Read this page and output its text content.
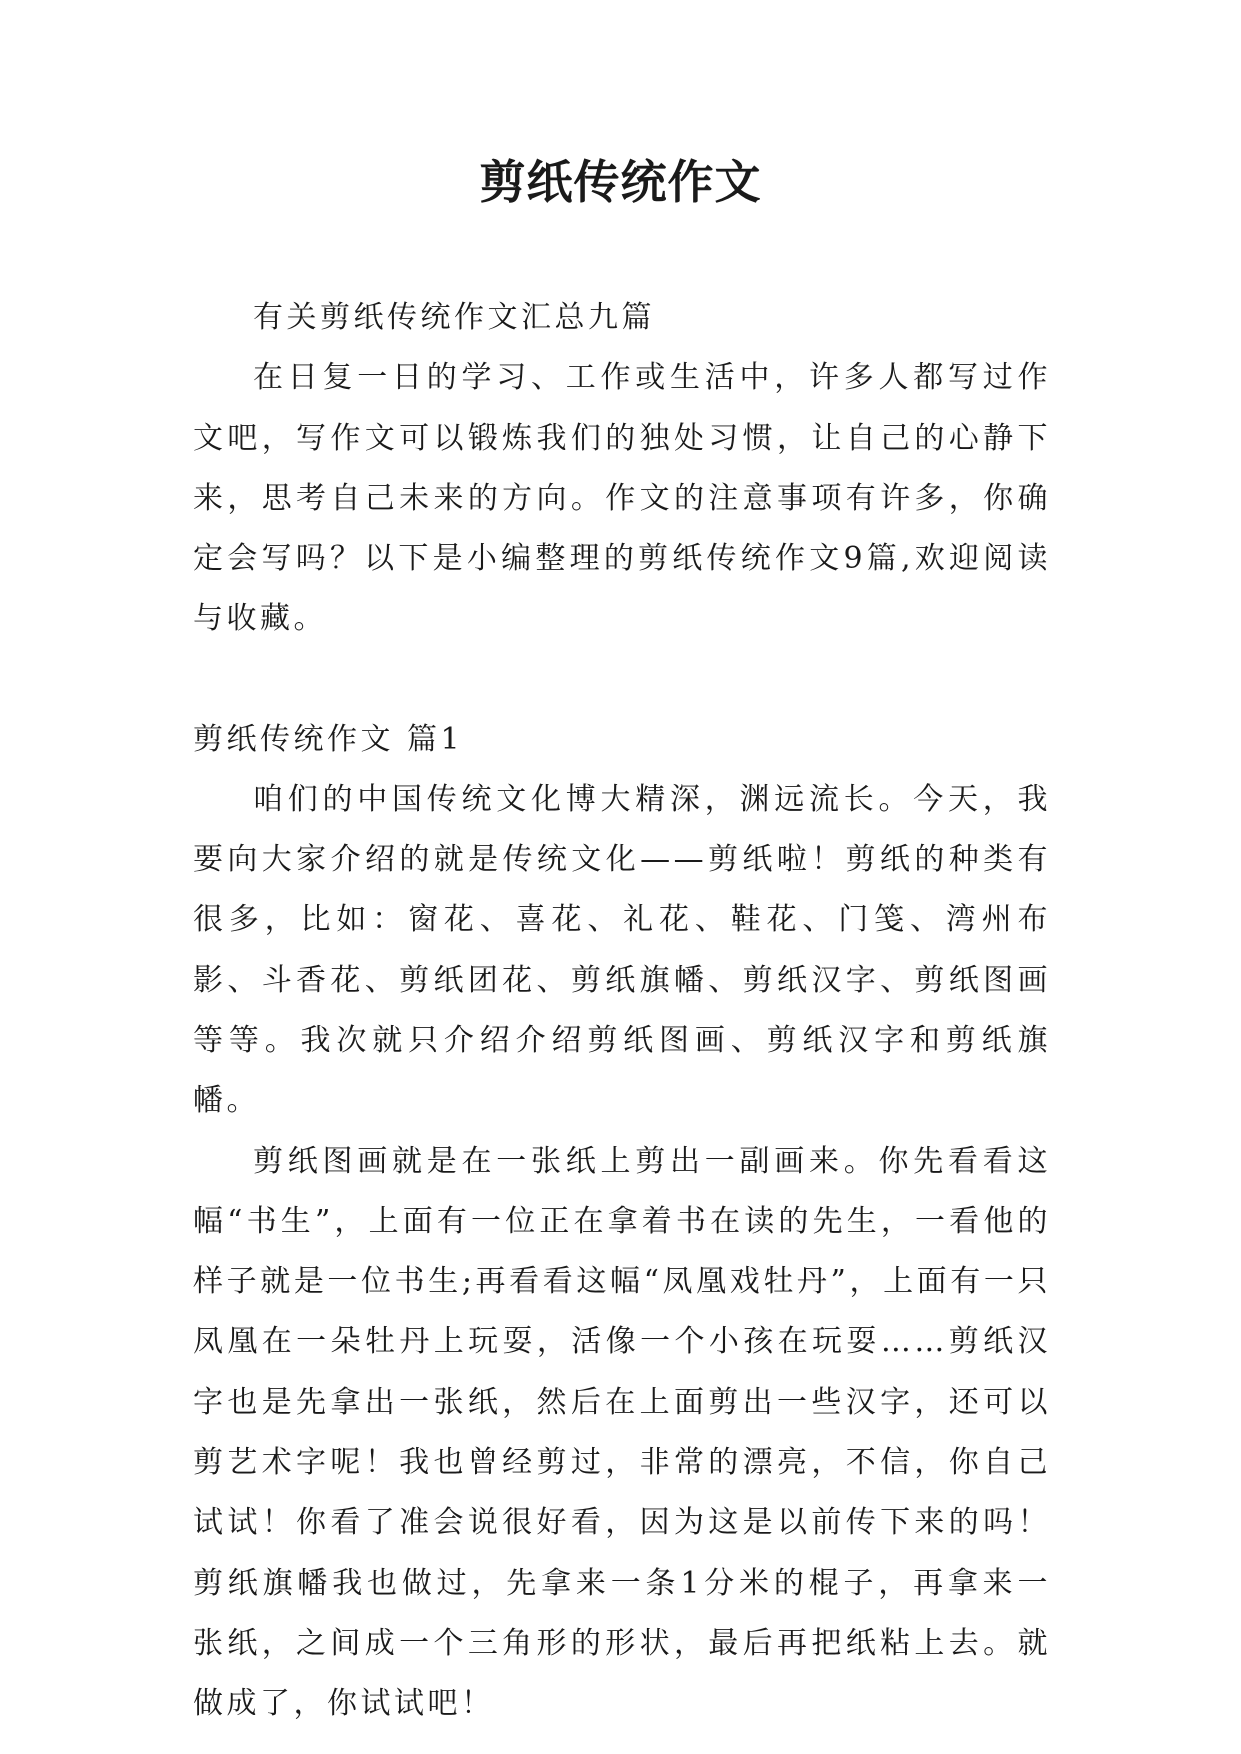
剪纸传统作文

有关剪纸传统作文汇总九篇

在日复一日的学习、工作或生活中，许多人都写过作文吧，写作文可以锻炼我们的独处习惯，让自己的心静下来，思考自己未来的方向。作文的注意事项有许多，你确定会写吗？以下是小编整理的剪纸传统作文9篇,欢迎阅读与收藏。

剪纸传统作文 篇1

咱们的中国传统文化博大精深，渊远流长。今天，我要向大家介绍的就是传统文化——剪纸啦！剪纸的种类有很多，比如：窗花、喜花、礼花、鞋花、门笺、湾州布影、斗香花、剪纸团花、剪纸旗幡、剪纸汉字、剪纸图画等等。我次就只介绍介绍剪纸图画、剪纸汉字和剪纸旗幡。

剪纸图画就是在一张纸上剪出一副画来。你先看看这幅“书生”，上面有一位正在拿着书在读的先生，一看他的样子就是一位书生;再看看这幅“凤凰戏牡丹”，上面有一只凤凰在一朵牡丹上玩耍，活像一个小孩在玩耍……剪纸汉字也是先拿出一张纸，然后在上面剪出一些汉字，还可以剪艺术字呢！我也曾经剪过，非常的漂亮，不信，你自己试试！你看了准会说很好看，因为这是以前传下来的吗！剪纸旗幡我也做过，先拿来一条1分米的棍子，再拿来一张纸，之间成一个三角形的形状，最后再把纸粘上去。就做成了，你试试吧！
